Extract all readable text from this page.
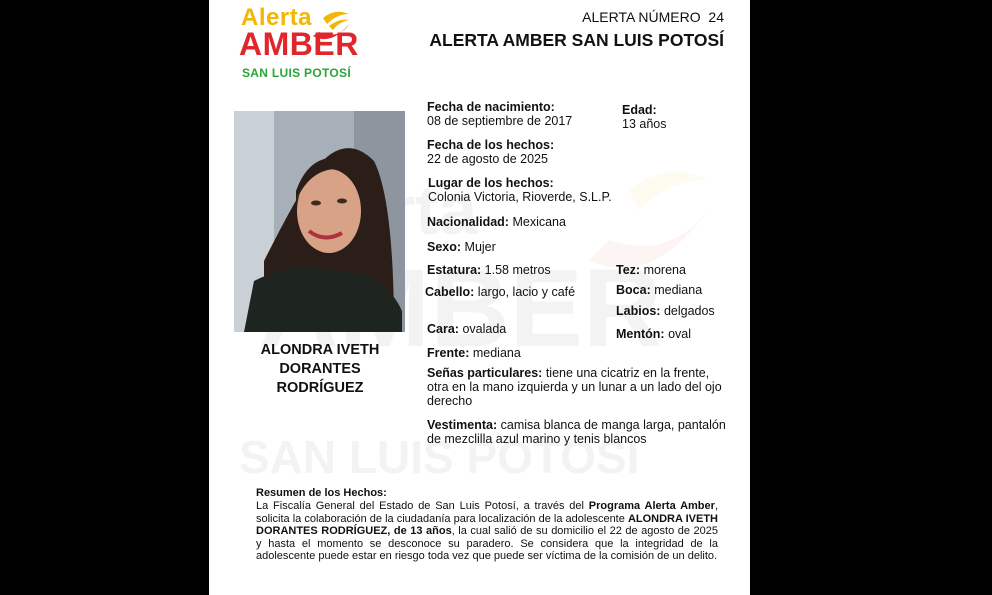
Alerta
AMBER
SAN LUIS POTOSÍ
ALERTA NÚMERO  24
ALERTA AMBER SAN LUIS POTOSÍ
ALONDRA IVETH
DORANTES
RODRÍGUEZ
Fecha de nacimiento:
08 de septiembre de 2017
Edad:
13 años
Fecha de los hechos:
22 de agosto de 2025
Lugar de los hechos:
Colonia Victoria, Rioverde, S.L.P.
Nacionalidad: Mexicana
Sexo: Mujer
Estatura: 1.58 metros	Tez: morena
Cabello: largo, lacio y café	Boca: mediana
Labios: delgados
Cara: ovalada	Mentón: oval
Frente: mediana
Señas particulares: tiene una cicatriz en la frente,
otra en la mano izquierda y un lunar a un lado del ojo
derecho
Vestimenta: camisa blanca de manga larga, pantalón
de mezclilla azul marino y tenis blancos
Resumen de los Hechos:
La Fiscalía General del Estado de San Luis Potosí, a través del Programa Alerta Amber, solicita la colaboración de la ciudadanía para localización de la adolescente ALONDRA IVETH DORANTES RODRÍGUEZ, de 13 años, la cual salió de su domicilio el 22 de agosto de 2025 y hasta el momento se desconoce su paradero. Se considera que la integridad de la adolescente puede estar en riesgo toda vez que puede ser víctima de la comisión de un delito.
